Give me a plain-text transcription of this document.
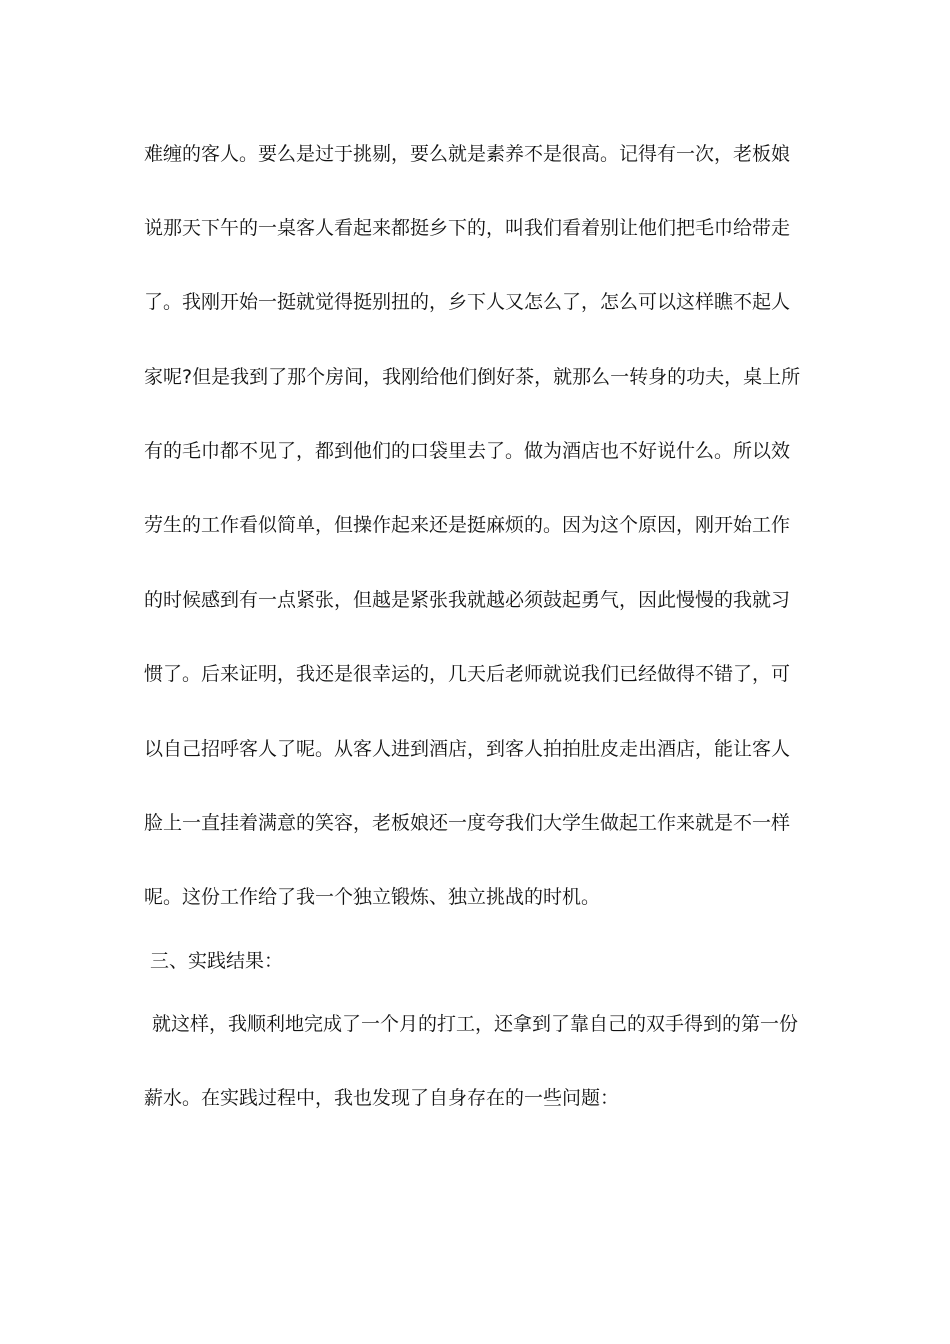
难缠的客人。要么是过于挑剔，要么就是素养不是很高。记得有一次，老板娘
说那天下午的一桌客人看起来都挺乡下的，叫我们看着别让他们把毛巾给带走
了。我刚开始一挺就觉得挺别扭的，乡下人又怎么了，怎么可以这样瞧不起人
家呢?但是我到了那个房间，我刚给他们倒好茶，就那么一转身的功夫，桌上所
有的毛巾都不见了，都到他们的口袋里去了。做为酒店也不好说什么。所以效
劳生的工作看似简单，但操作起来还是挺麻烦的。因为这个原因，刚开始工作
的时候感到有一点紧张，但越是紧张我就越必须鼓起勇气，因此慢慢的我就习
惯了。后来证明，我还是很幸运的，几天后老师就说我们已经做得不错了，可
以自己招呼客人了呢。从客人进到酒店，到客人拍拍肚皮走出酒店，能让客人
脸上一直挂着满意的笑容，老板娘还一度夸我们大学生做起工作来就是不一样
呢。这份工作给了我一个独立锻炼、独立挑战的时机。
三、实践结果：
就这样，我顺利地完成了一个月的打工，还拿到了靠自己的双手得到的第一份
薪水。在实践过程中，我也发现了自身存在的一些问题：
